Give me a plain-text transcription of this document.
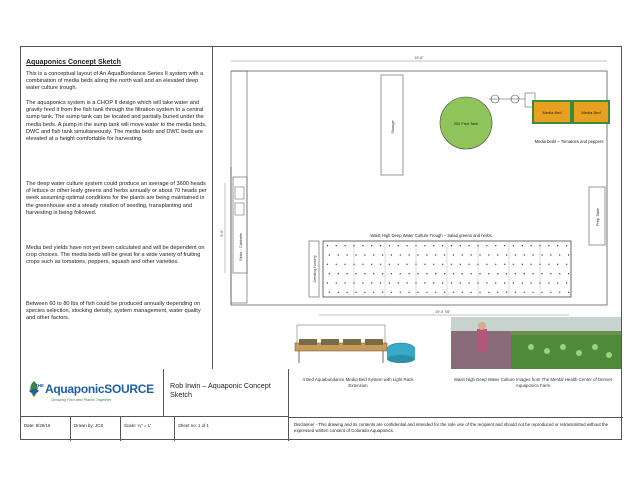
Aquaponics Concept Sketch
This is a conceptual layout of An AquaBundance Series II system with a combination of media beds along the north wall and an elevated deep water culture trough.
The aquaponics system is a CHOP II design which will take water and gravity feed it from the fish tank through the filtration system to a central sump tank. The sump tank can be located and partially buried under the media beds. A pump in the sump tank will move water to the media beds, DWC and fish tank simultaneously. The media beds and DWC beds are elevated at a height comfortable for harvesting.
The deep water culture system could produce an average of 3600 heads of lettuce or other leafy greens and herbs annually or about 70 heads per week assuming optimal conditions for the plants are being maintained in the greenhouse and a steady rotation of seeding, transplanting and harvesting is being followed.
Media bed yields have not yet been calculated and will be dependent on crop choices. The media beds will be great for a wide variety of fruiting crops such as tomatoes, peppers, squash and other varieties.
Between 60 to 80 lbs of fish could be produced annually depending on species selection, stocking density, system management, water quality and other factors.
19'-8"
9'-0"
Storage	200 Fish Tank
Media Bed	Media Bed
Media beds – Tomatoes and peppers
Prep Table
Sinks - Cabinets
Seedling Nursery
Waist High Deep Water Culture Trough – Salad greens and herbs
29'-9 7/8"
THE AquaponicSOURCE
Growing Fish and Plants Together
Rob Irwin – Aquaponic Concept Sketch
4 Bed Aquabundance Media Bed System with Light Rack Extension
Waist High Deep Water Culture Images from The Mental Health Center of Denver Aquaponics Farm
Date: 9/26/16	Drawn by: JCS	Scale: ¼" = 1'	Sheet no: 1 of 1	Disclaimer - This drawing and its contents are confidential and intended for the sole use of the recipient and should not be reproduced or retransmitted without the expressed written consent of Colorado Aquaponics.
